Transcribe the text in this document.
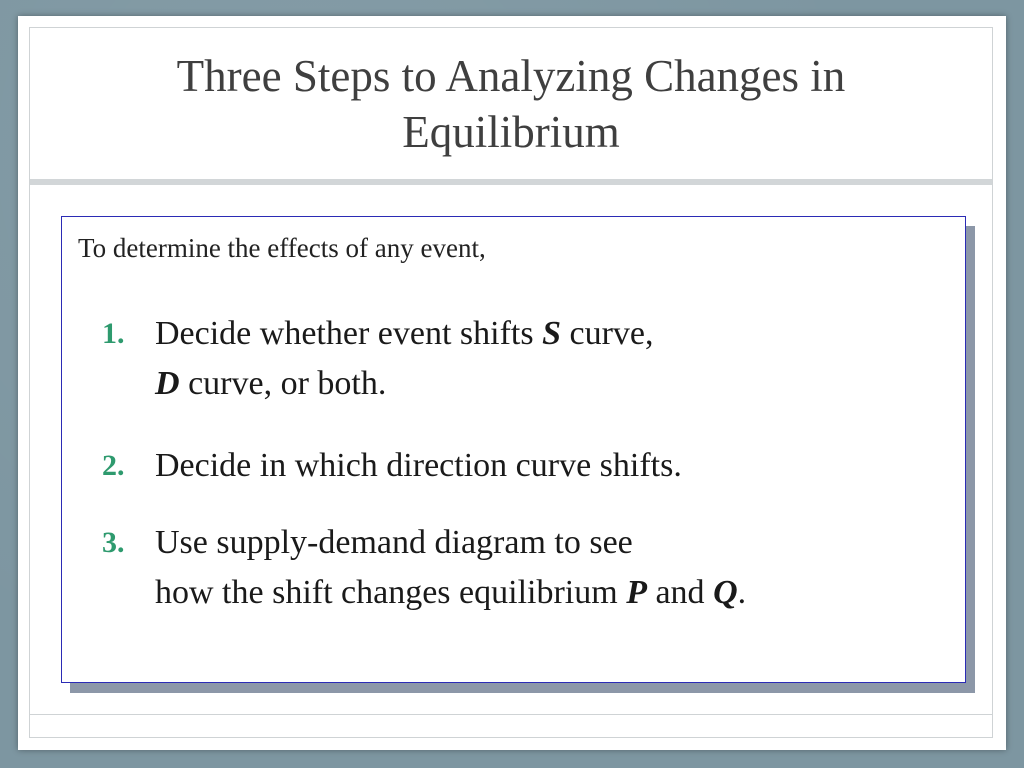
Three Steps to Analyzing Changes in Equilibrium

To determine the effects of any event,

1. Decide whether event shifts S curve,
D curve, or both.
2. Decide in which direction curve shifts.
3. Use supply-demand diagram to see
how the shift changes equilibrium P and Q.
